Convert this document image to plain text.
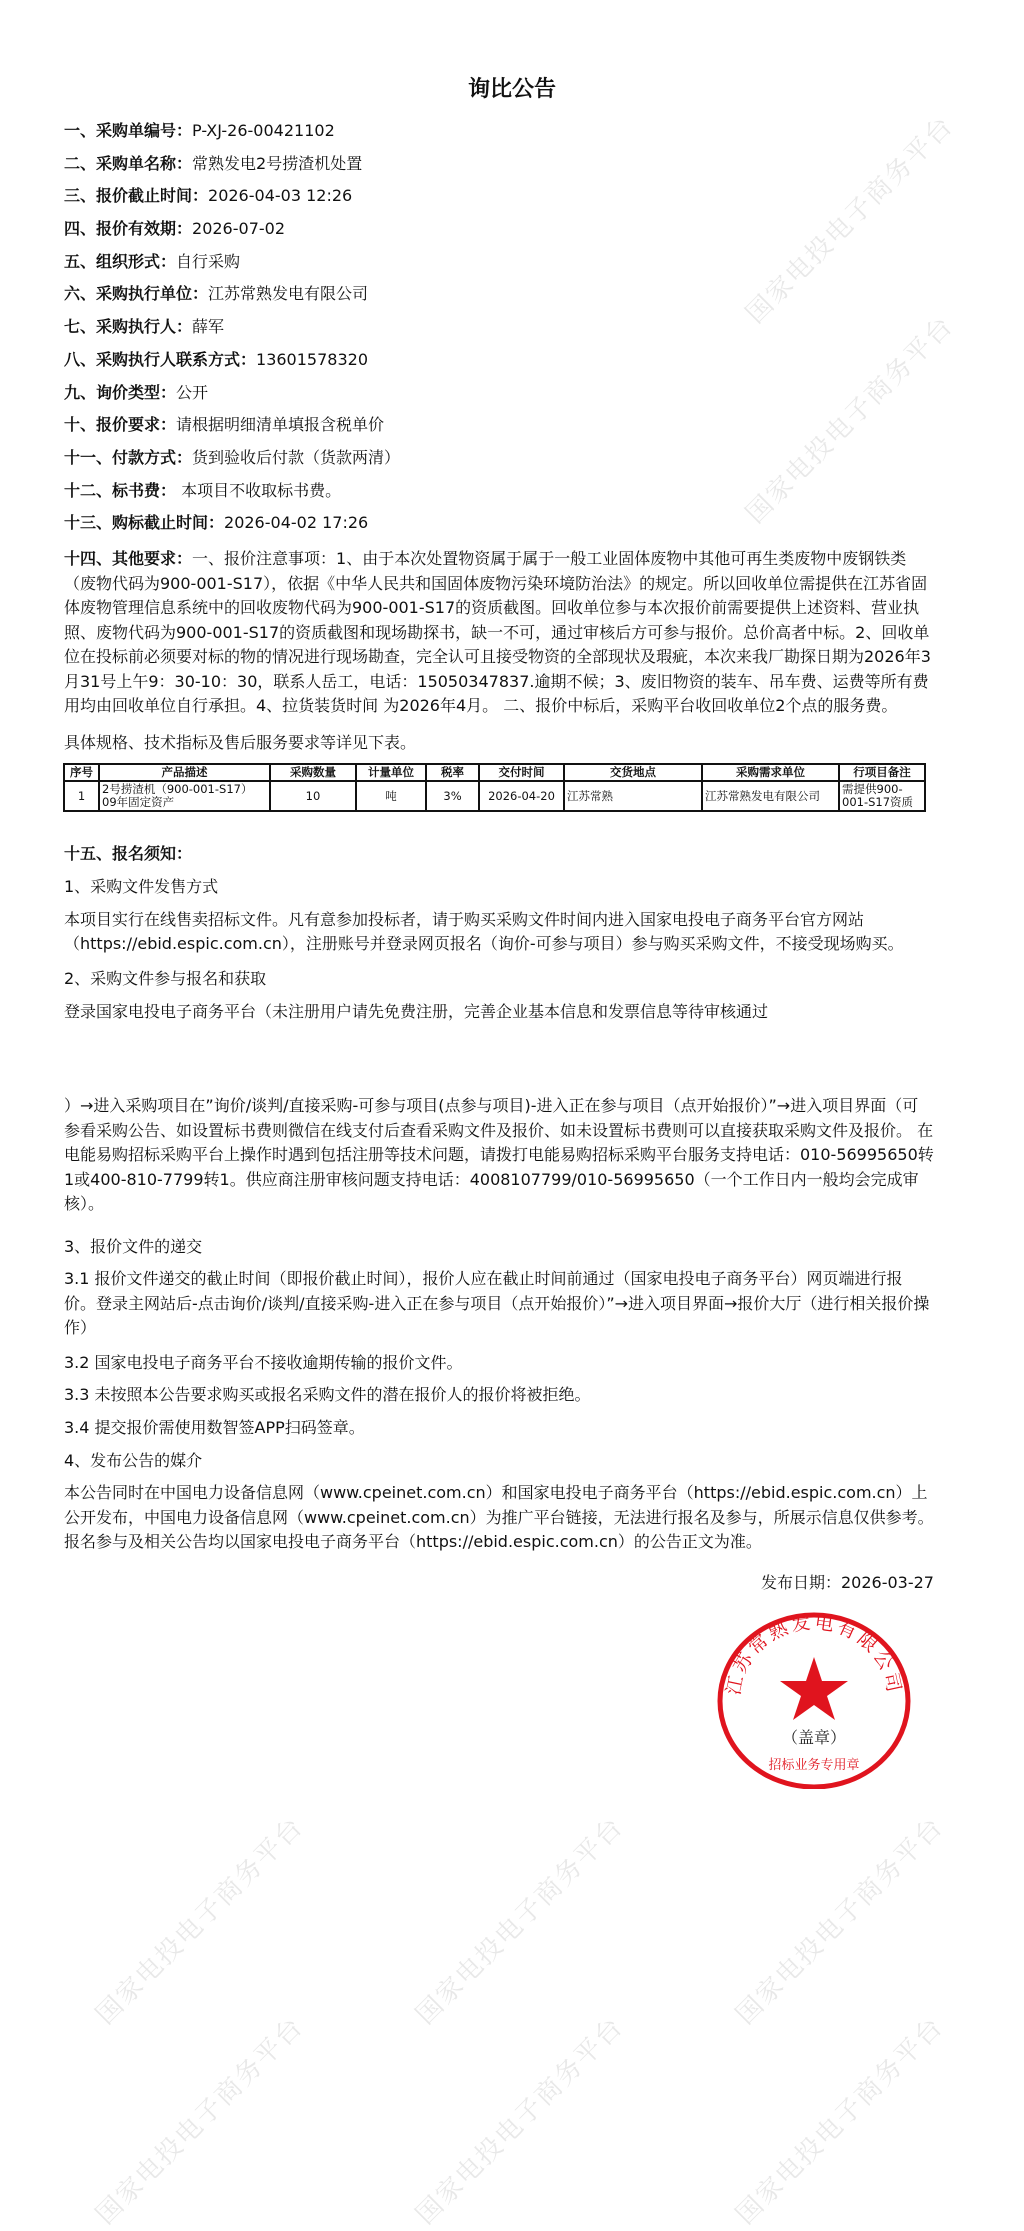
国家电投电子商务平台
国家电投电子商务平台
询比公告
一、采购单编号：P-XJ-26-00421102
二、采购单名称：常熟发电2号捞渣机处置
三、报价截止时间：2026-04-03 12:26
四、报价有效期：2026-07-02
五、组织形式：自行采购
六、采购执行单位：江苏常熟发电有限公司
七、采购执行人：薛军
八、采购执行人联系方式：13601578320
九、询价类型：公开
十、报价要求：请根据明细清单填报含税单价
十一、付款方式：货到验收后付款（货款两清）
十二、标书费： 本项目不收取标书费。
十三、购标截止时间：2026-04-02 17:26
十四、其他要求：一、报价注意事项：1、由于本次处置物资属于属于一般工业固体废物中其他可再生类废物中废钢铁类（废物代码为900-001-S17），依据《中华人民共和国固体废物污染环境防治法》的规定。所以回收单位需提供在江苏省固体废物管理信息系统中的回收废物代码为900-001-S17的资质截图。回收单位参与本次报价前需要提供上述资料、营业执照、废物代码为900-001-S17的资质截图和现场勘探书，缺一不可，通过审核后方可参与报价。总价高者中标。2、回收单位在投标前必须要对标的物的情况进行现场勘查，完全认可且接受物资的全部现状及瑕疵，本次来我厂勘探日期为2026年3月31号上午9：30-10：30，联系人岳工，电话：15050347837.逾期不候；3、废旧物资的装车、吊车费、运费等所有费用均由回收单位自行承担。4、拉货装货时间 为2026年4月。 二、报价中标后，采购平台收回收单位2个点的服务费。
具体规格、技术指标及售后服务要求等详见下表。
序号	产品描述	采购数量	计量单位	税率	交付时间	交货地点	采购需求单位	行项目备注
1	2号捞渣机（900-001-S17）09年固定资产	10	吨	3%	2026-04-20	江苏常熟	江苏常熟发电有限公司	需提供900-001-S17资质
十五、报名须知：
1、采购文件发售方式
本项目实行在线售卖招标文件。凡有意参加投标者，请于购买采购文件时间内进入国家电投电子商务平台官方网站（https://ebid.espic.com.cn），注册账号并登录网页报名（询价-可参与项目）参与购买采购文件，不接受现场购买。
2、采购文件参与报名和获取
登录国家电投电子商务平台（未注册用户请先免费注册，完善企业基本信息和发票信息等待审核通过
）→进入采购项目在”询价/谈判/直接采购-可参与项目(点参与项目)-进入正在参与项目（点开始报价）”→进入项目界面（可参看采购公告、如设置标书费则微信在线支付后查看采购文件及报价、如未设置标书费则可以直接获取采购文件及报价。 在电能易购招标采购平台上操作时遇到包括注册等技术问题，请拨打电能易购招标采购平台服务支持电话：010-56995650转 1或400-810-7799转1。供应商注册审核问题支持电话：4008107799/010-56995650（一个工作日内一般均会完成审核）。
3、报价文件的递交
3.1 报价文件递交的截止时间（即报价截止时间），报价人应在截止时间前通过（国家电投电子商务平台）网页端进行报价。登录主网站后-点击询价/谈判/直接采购-进入正在参与项目（点开始报价）”→进入项目界面→报价大厅（进行相关报价操作）
3.2 国家电投电子商务平台不接收逾期传输的报价文件。
3.3 未按照本公告要求购买或报名采购文件的潜在报价人的报价将被拒绝。
3.4 提交报价需使用数智签APP扫码签章。
4、发布公告的媒介
本公告同时在中国电力设备信息网（www.cpeinet.com.cn）和国家电投电子商务平台（https://ebid.espic.com.cn）上公开发布，中国电力设备信息网（www.cpeinet.com.cn）为推广平台链接，无法进行报名及参与，所展示信息仅供参考。报名参与及相关公告均以国家电投电子商务平台（https://ebid.espic.com.cn）的公告正文为准。
发布日期：2026-03-27
江苏常熟发电有限公司
（盖章）
招标业务专用章
国家电投电子商务平台
国家电投电子商务平台
国家电投电子商务平台
国家电投电子商务平台
国家电投电子商务平台
国家电投电子商务平台
